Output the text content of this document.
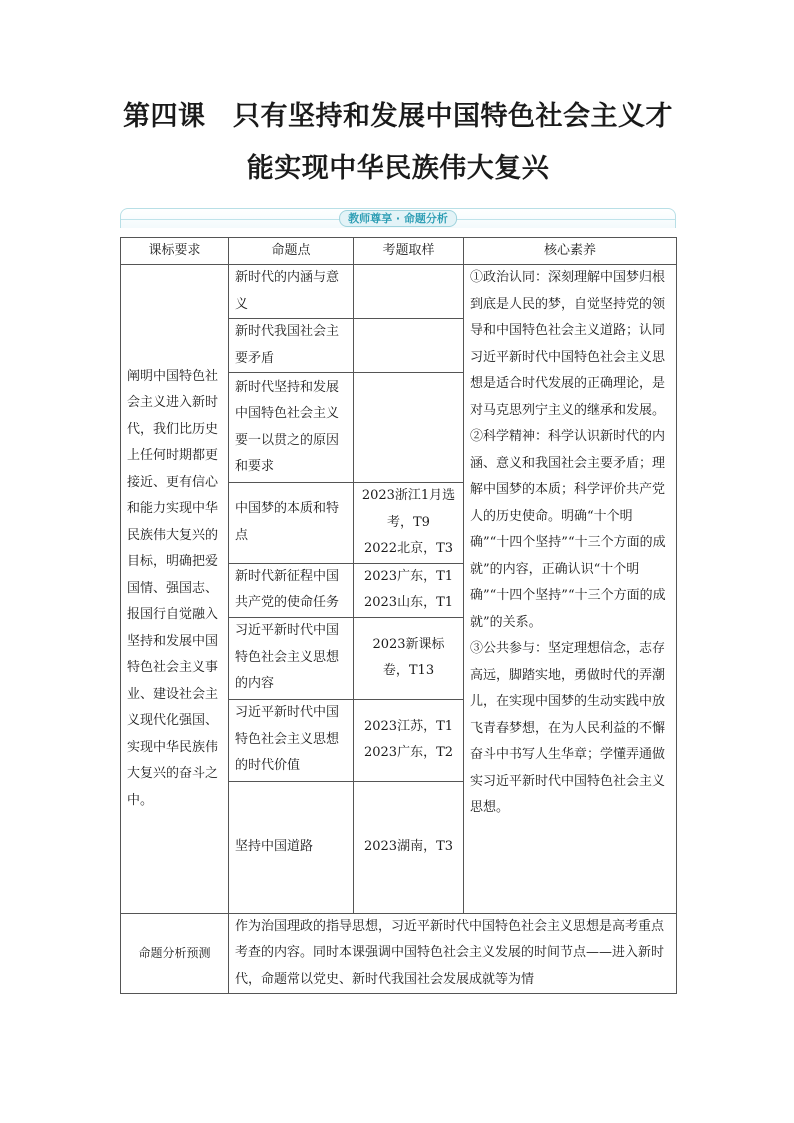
第四课　只有坚持和发展中国特色社会主义才
能实现中华民族伟大复兴
教师尊享 · 命题分析
课标要求	命题点	考题取样	核心素养
阐明中国特色社会主义进入新时代，我们比历史上任何时期都更接近、更有信心和能力实现中华民族伟大复兴的目标，明确把爱国情、强国志、报国行自觉融入坚持和发展中国特色社会主义事业、建设社会主义现代化强国、实现中华民族伟大复兴的奋斗之中。	新时代的内涵与意义		①政治认同：深刻理解中国梦归根到底是人民的梦，自觉坚持党的领导和中国特色社会主义道路；认同习近平新时代中国特色社会主义思想是适合时代发展的正确理论，是对马克思列宁主义的继承和发展。
②科学精神：科学认识新时代的内涵、意义和我国社会主要矛盾；理解中国梦的本质；科学评价共产党人的历史使命。明确“十个明确”“十四个坚持”“十三个方面的成就”的内容，正确认识“十个明确”“十四个坚持”“十三个方面的成就”的关系。
③公共参与：坚定理想信念，志存高远，脚踏实地，勇做时代的弄潮儿，在实现中国梦的生动实践中放飞青春梦想，在为人民利益的不懈奋斗中书写人生华章；学懂弄通做实习近平新时代中国特色社会主义思想。

	新时代我国社会主要矛盾		
	新时代坚持和发展中国特色社会主义要一以贯之的原因和要求		
	中国梦的本质和特点	2023浙江1月选考，T9
2022北京，T3	

	新时代新征程中国共产党的使命任务	2023广东，T1
2023山东，T1	

	习近平新时代中国特色社会主义思想的内容	2023新课标卷，T13	
	习近平新时代中国特色社会主义思想的时代价值	2023江苏，T1
2023广东，T2	

	坚持中国道路	2023湖南，T3	
命题分析预测	作为治国理政的指导思想，习近平新时代中国特色社会主义思想是高考重点考查的内容。同时本课强调中国特色社会主义发展的时间节点——进入新时代，命题常以党史、新时代我国社会发展成就等为情		
